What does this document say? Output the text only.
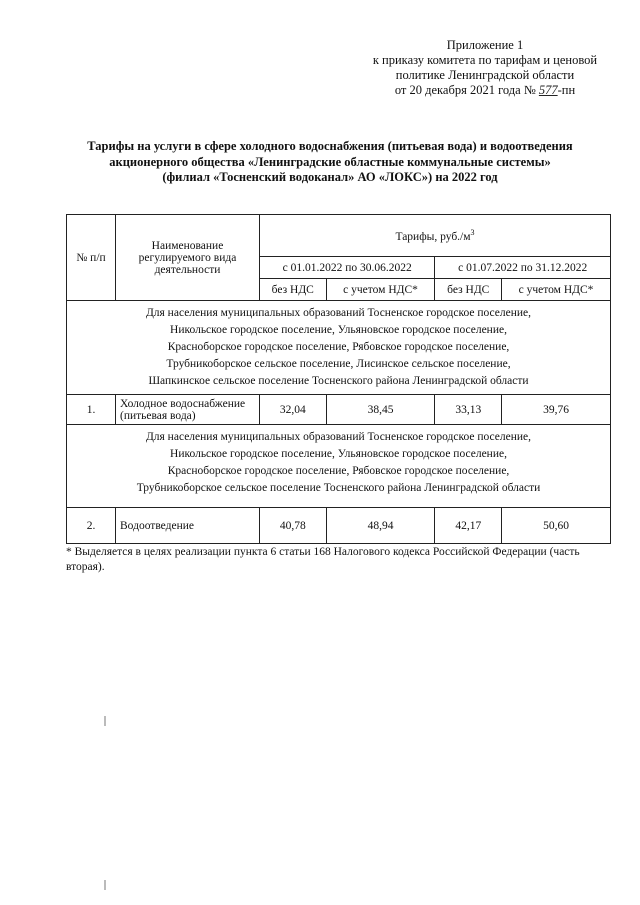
Приложение 1
к приказу комитета по тарифам и ценовой
политике Ленинградской области
от 20 декабря 2021 года № 577-пн
Тарифы на услуги в сфере холодного водоснабжения (питьевая вода) и водоотведения
акционерного общества «Ленинградские областные коммунальные системы»
(филиал «Тосненский водоканал» АО «ЛОКС») на 2022 год
№ п/п	Наименование регулируемого вида деятельности	Тарифы, $руб./м^3$
		с 01.01.2022 по 30.06.2022		с 01.07.2022 по 31.12.2022	
		без НДС	с учетом НДС*	без НДС	с учетом НДС*

Для населения муниципальных образований Тосненское городское поселение,
Никольское городское поселение, Ульяновское городское поселение,
Красноборское городское поселение, Рябовское городское поселение,
Трубникоборское сельское поселение, Лисинское сельское поселение,
Шапкинское сельское поселение Тосненского района Ленинградской области					

1.	Холодное водоснабжение (питьевая вода)	32,04	38,45	33,13	39,76

Для населения муниципальных образований Тосненское городское поселение,
Никольское городское поселение, Ульяновское городское поселение,
Красноборское городское поселение, Рябовское городское поселение,
Трубникоборское сельское поселение Тосненского района Ленинградской области					

2.	Водоотведение	40,78	48,94	42,17	50,60
* Выделяется в целях реализации пункта 6 статьи 168 Налогового кодекса Российской Федерации (часть вторая).
